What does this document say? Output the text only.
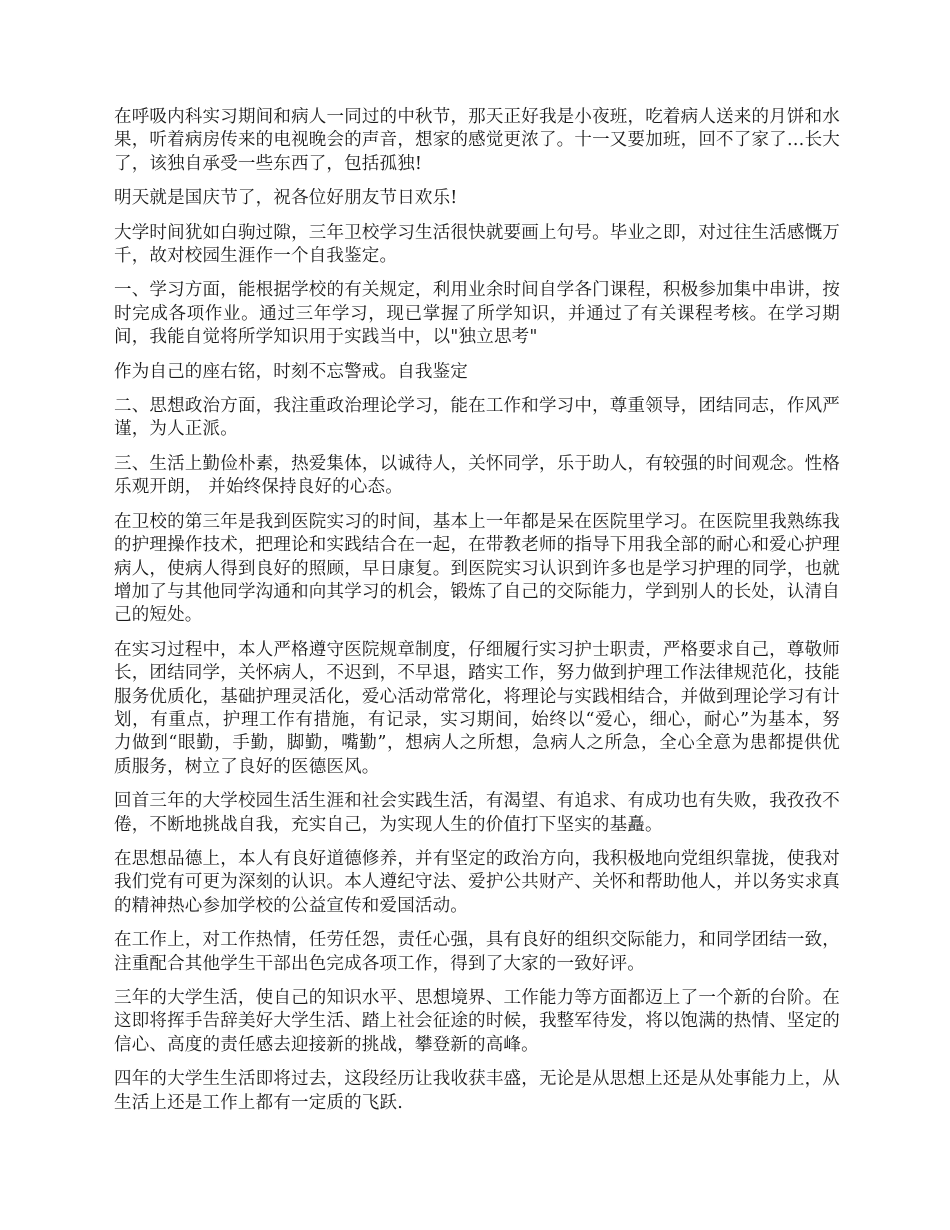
在呼吸内科实习期间和病人一同过的中秋节，那天正好我是小夜班，吃着病人送来的月饼和水果，听着病房传来的电视晚会的声音，想家的感觉更浓了。十一又要加班，回不了家了…长大了，该独自承受一些东西了，包括孤独!

明天就是国庆节了，祝各位好朋友节日欢乐!

大学时间犹如白驹过隙，三年卫校学习生活很快就要画上句号。毕业之即，对过往生活感慨万千，故对校园生涯作一个自我鉴定。

一、学习方面，能根据学校的有关规定，利用业余时间自学各门课程，积极参加集中串讲，按时完成各项作业。通过三年学习，现已掌握了所学知识，并通过了有关课程考核。在学习期间，我能自觉将所学知识用于实践当中，以"独立思考"

作为自己的座右铭，时刻不忘警戒。自我鉴定

二、思想政治方面，我注重政治理论学习，能在工作和学习中，尊重领导，团结同志，作风严谨，为人正派。

三、生活上勤俭朴素，热爱集体，以诚待人，关怀同学，乐于助人，有较强的时间观念。性格乐观开朗， 并始终保持良好的心态。

在卫校的第三年是我到医院实习的时间，基本上一年都是呆在医院里学习。在医院里我熟练我的护理操作技术，把理论和实践结合在一起，在带教老师的指导下用我全部的耐心和爱心护理病人，使病人得到良好的照顾，早日康复。到医院实习认识到许多也是学习护理的同学，也就增加了与其他同学沟通和向其学习的机会，锻炼了自己的交际能力，学到别人的长处，认清自己的短处。

在实习过程中，本人严格遵守医院规章制度，仔细履行实习护士职责，严格要求自己，尊敬师长，团结同学，关怀病人，不迟到，不早退，踏实工作，努力做到护理工作法律规范化，技能服务优质化，基础护理灵活化，爱心活动常常化，将理论与实践相结合，并做到理论学习有计划，有重点，护理工作有措施，有记录，实习期间，始终以“爱心，细心，耐心”为基本，努力做到“眼勤，手勤，脚勤，嘴勤”，想病人之所想，急病人之所急，全心全意为患都提供优质服务，树立了良好的医德医风。

回首三年的大学校园生活生涯和社会实践生活，有渴望、有追求、有成功也有失败，我孜孜不倦，不断地挑战自我，充实自己，为实现人生的价值打下坚实的基矗。

在思想品德上，本人有良好道德修养，并有坚定的政治方向，我积极地向党组织靠拢，使我对我们党有可更为深刻的认识。本人遵纪守法、爱护公共财产、关怀和帮助他人，并以务实求真的精神热心参加学校的公益宣传和爱国活动。

在工作上，对工作热情，任劳任怨，责任心强，具有良好的组织交际能力，和同学团结一致，注重配合其他学生干部出色完成各项工作，得到了大家的一致好评。

三年的大学生活，使自己的知识水平、思想境界、工作能力等方面都迈上了一个新的台阶。在这即将挥手告辞美好大学生活、踏上社会征途的时候，我整军待发，将以饱满的热情、坚定的信心、高度的责任感去迎接新的挑战，攀登新的高峰。

四年的大学生生活即将过去，这段经历让我收获丰盛，无论是从思想上还是从处事能力上，从生活上还是工作上都有一定质的飞跃.
